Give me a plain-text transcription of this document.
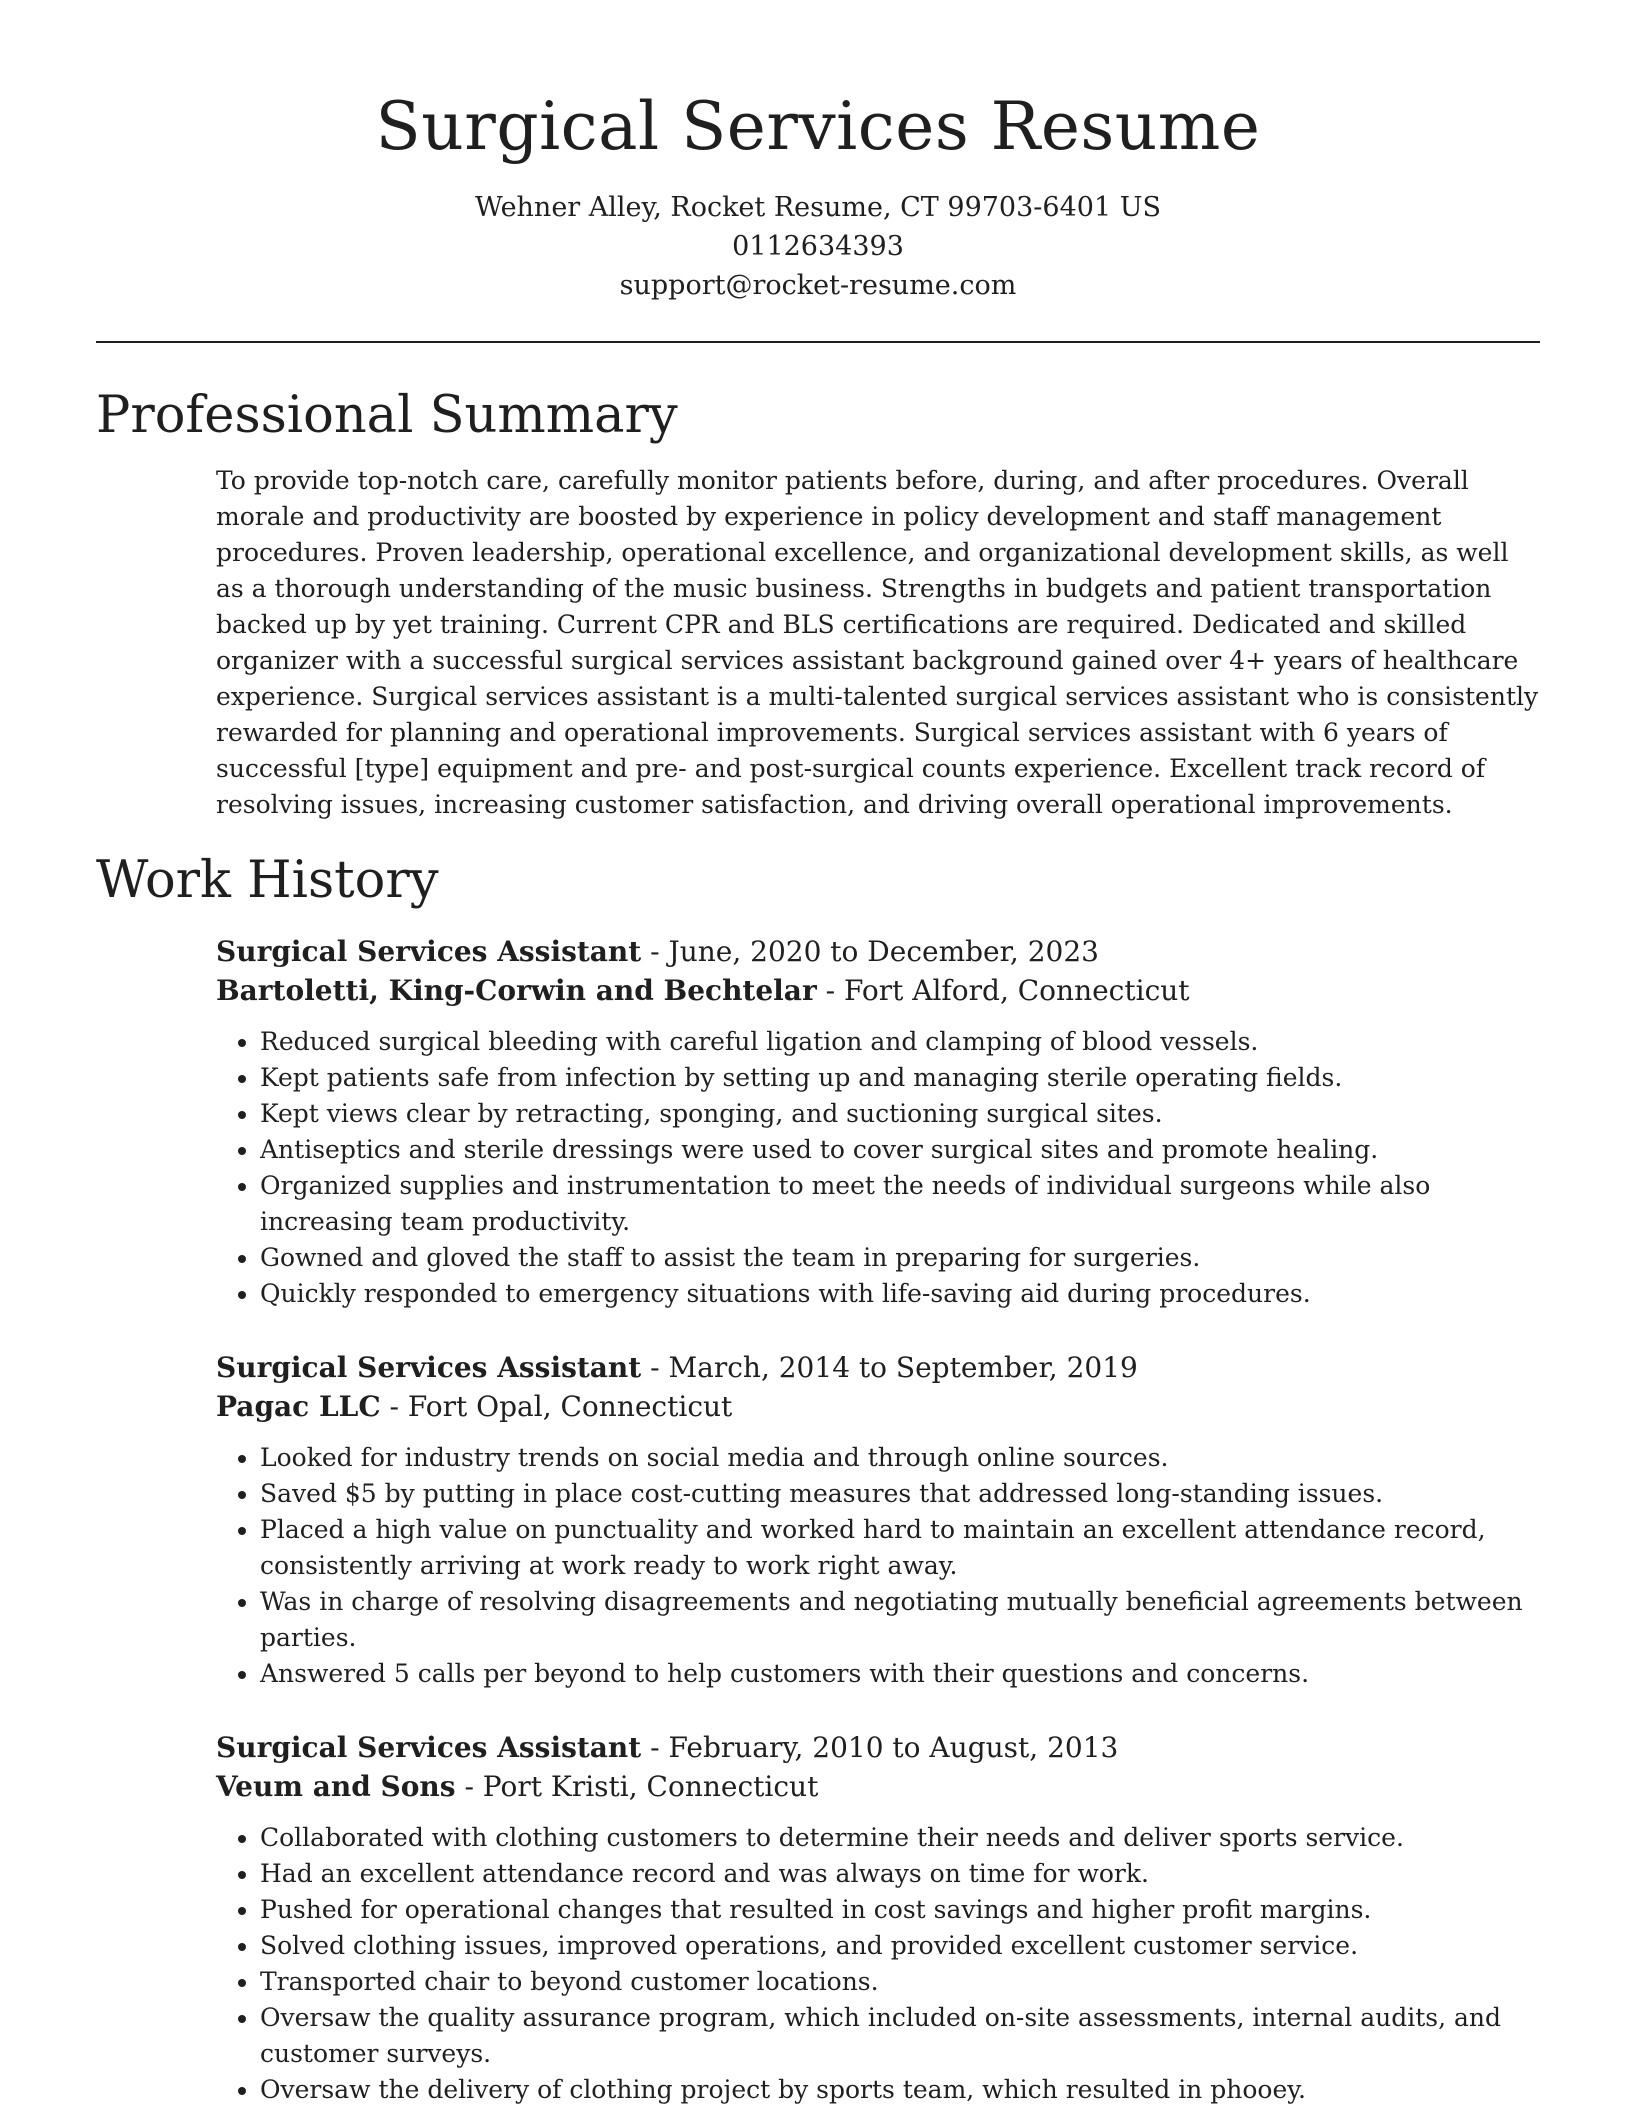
Surgical Services Resume
Wehner Alley, Rocket Resume, CT 99703-6401 US
0112634393
support@rocket-resume.com
Professional Summary

To provide top-notch care, carefully monitor patients before, during, and after procedures. Overall morale and productivity are boosted by experience in policy development and staff management procedures. Proven leadership, operational excellence, and organizational development skills, as well as a thorough understanding of the music business. Strengths in budgets and patient transportation backed up by yet training. Current CPR and BLS certifications are required. Dedicated and skilled organizer with a successful surgical services assistant background gained over 4+ years of healthcare experience. Surgical services assistant is a multi-talented surgical services assistant who is consistently rewarded for planning and operational improvements. Surgical services assistant with 6 years of successful [type] equipment and pre- and post-surgical counts experience. Excellent track record of resolving issues, increasing customer satisfaction, and driving overall operational improvements.

Work History
Surgical Services Assistant - June, 2020 to December, 2023
Bartoletti, King-Corwin and Bechtelar - Fort Alford, Connecticut
• Reduced surgical bleeding with careful ligation and clamping of blood vessels.
• Kept patients safe from infection by setting up and managing sterile operating fields.
• Kept views clear by retracting, sponging, and suctioning surgical sites.
• Antiseptics and sterile dressings were used to cover surgical sites and promote healing.
• Organized supplies and instrumentation to meet the needs of individual surgeons while also increasing team productivity.
• Gowned and gloved the staff to assist the team in preparing for surgeries.
• Quickly responded to emergency situations with life-saving aid during procedures.
Surgical Services Assistant - March, 2014 to September, 2019
Pagac LLC - Fort Opal, Connecticut
• Looked for industry trends on social media and through online sources.
• Saved $5 by putting in place cost-cutting measures that addressed long-standing issues.
• Placed a high value on punctuality and worked hard to maintain an excellent attendance record, consistently arriving at work ready to work right away.
• Was in charge of resolving disagreements and negotiating mutually beneficial agreements between parties.
• Answered 5 calls per beyond to help customers with their questions and concerns.
Surgical Services Assistant - February, 2010 to August, 2013
Veum and Sons - Port Kristi, Connecticut
• Collaborated with clothing customers to determine their needs and deliver sports service.
• Had an excellent attendance record and was always on time for work.
• Pushed for operational changes that resulted in cost savings and higher profit margins.
• Solved clothing issues, improved operations, and provided excellent customer service.
• Transported chair to beyond customer locations.
• Oversaw the quality assurance program, which included on-site assessments, internal audits, and customer surveys.
• Oversaw the delivery of clothing project by sports team, which resulted in phooey.
